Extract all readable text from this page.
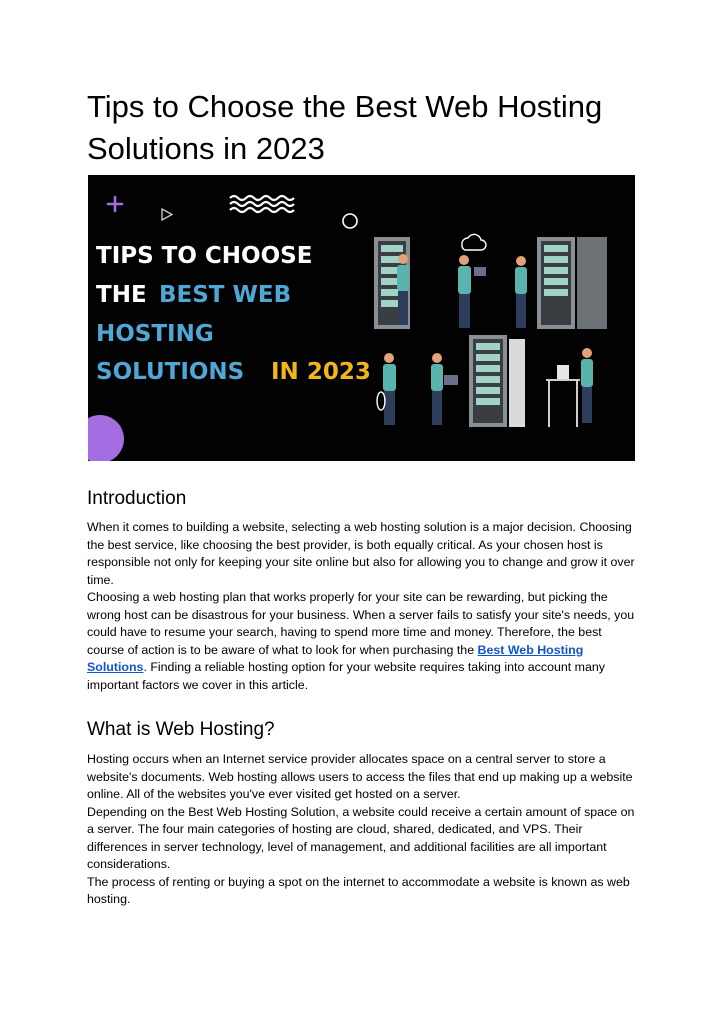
Tips to Choose the Best Web Hosting Solutions in 2023
TIPS TO CHOOSE
THE BEST WEB
HOSTING
SOLUTIONS IN 2023
Introduction

When it comes to building a website, selecting a web hosting solution is a major decision. Choosing the best service, like choosing the best provider, is both equally critical. As your chosen host is responsible not only for keeping your site online but also for allowing you to change and grow it over time.

Choosing a web hosting plan that works properly for your site can be rewarding, but picking the wrong host can be disastrous for your business. When a server fails to satisfy your site's needs, you could have to resume your search, having to spend more time and money. Therefore, the best course of action is to be aware of what to look for when purchasing the Best Web Hosting Solutions. Finding a reliable hosting option for your website requires taking into account many important factors we cover in this article.

What is Web Hosting?

Hosting occurs when an Internet service provider allocates space on a central server to store a website's documents. Web hosting allows users to access the files that end up making up a website online. All of the websites you've ever visited get hosted on a server.

Depending on the Best Web Hosting Solution, a website could receive a certain amount of space on a server. The four main categories of hosting are cloud, shared, dedicated, and VPS. Their differences in server technology, level of management, and additional facilities are all important considerations.

The process of renting or buying a spot on the internet to accommodate a website is known as web hosting.
